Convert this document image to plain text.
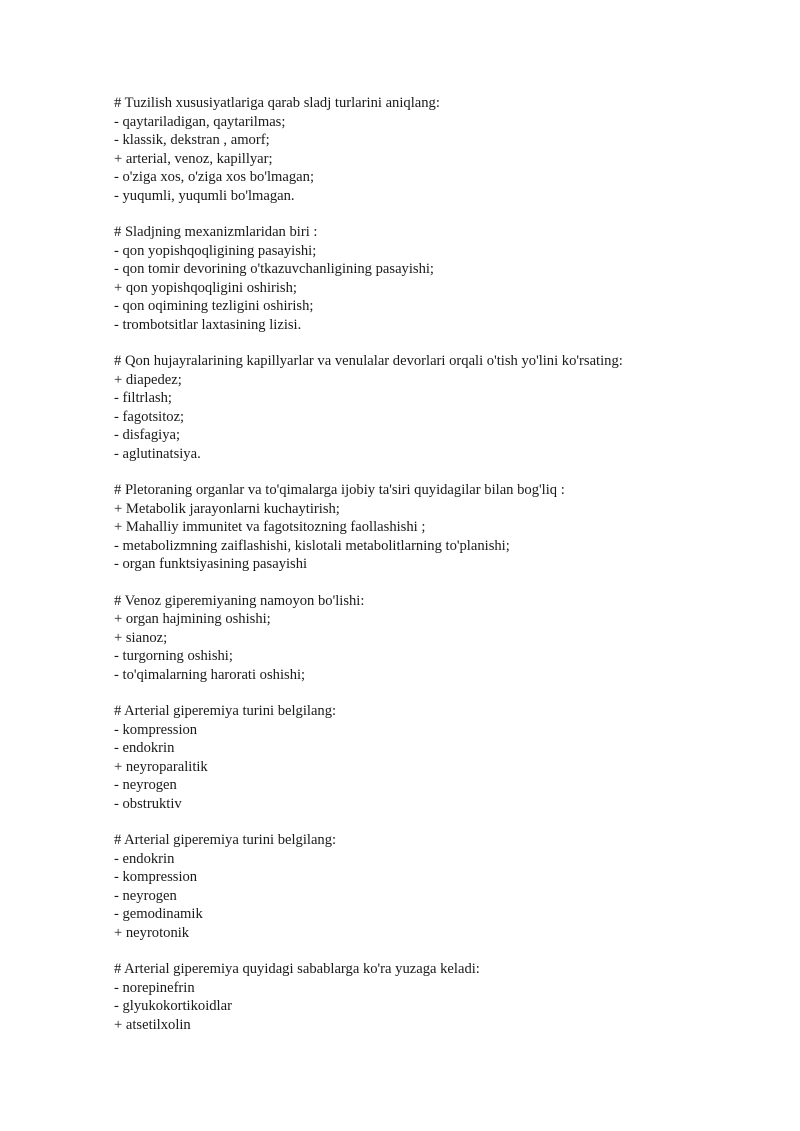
# Tuzilish xususiyatlariga qarab sladj turlarini aniqlang:
- qaytariladigan, qaytarilmas;
- klassik, dekstran , amorf;
+ arterial, venoz, kapillyar;
- o'ziga xos, o'ziga xos bo'lmagan;
- yuqumli, yuqumli bo'lmagan.
# Sladjning mexanizmlaridan biri :
- qon yopishqoqligining pasayishi;
- qon tomir devorining o'tkazuvchanligining pasayishi;
+ qon yopishqoqligini oshirish;
- qon oqimining tezligini oshirish;
- trombotsitlar laxtasining lizisi.
# Qon hujayralarining kapillyarlar va venulalar devorlari orqali o'tish yo'lini ko'rsating:
+ diapedez;
- filtrlash;
- fagotsitoz;
- disfagiya;
- aglutinatsiya.
# Pletoraning organlar va to'qimalarga ijobiy ta'siri quyidagilar bilan bog'liq :
+ Metabolik jarayonlarni kuchaytirish;
+ Mahalliy immunitet va fagotsitozning faollashishi ;
- metabolizmning zaiflashishi, kislotali metabolitlarning to'planishi;
- organ funktsiyasining pasayishi
# Venoz giperemiyaning namoyon bo'lishi:
+ organ hajmining oshishi;
+ sianoz;
- turgorning oshishi;
- to'qimalarning harorati oshishi;
# Arterial giperemiya turini belgilang:
- kompression
- endokrin
+ neyroparalitik
- neyrogen
- obstruktiv
# Arterial giperemiya turini belgilang:
- endokrin
- kompression
- neyrogen
- gemodinamik
+ neyrotonik
# Arterial giperemiya quyidagi sabablarga ko'ra yuzaga keladi:
- norepinefrin
- glyukokortikoidlar
+ atsetilxolin
